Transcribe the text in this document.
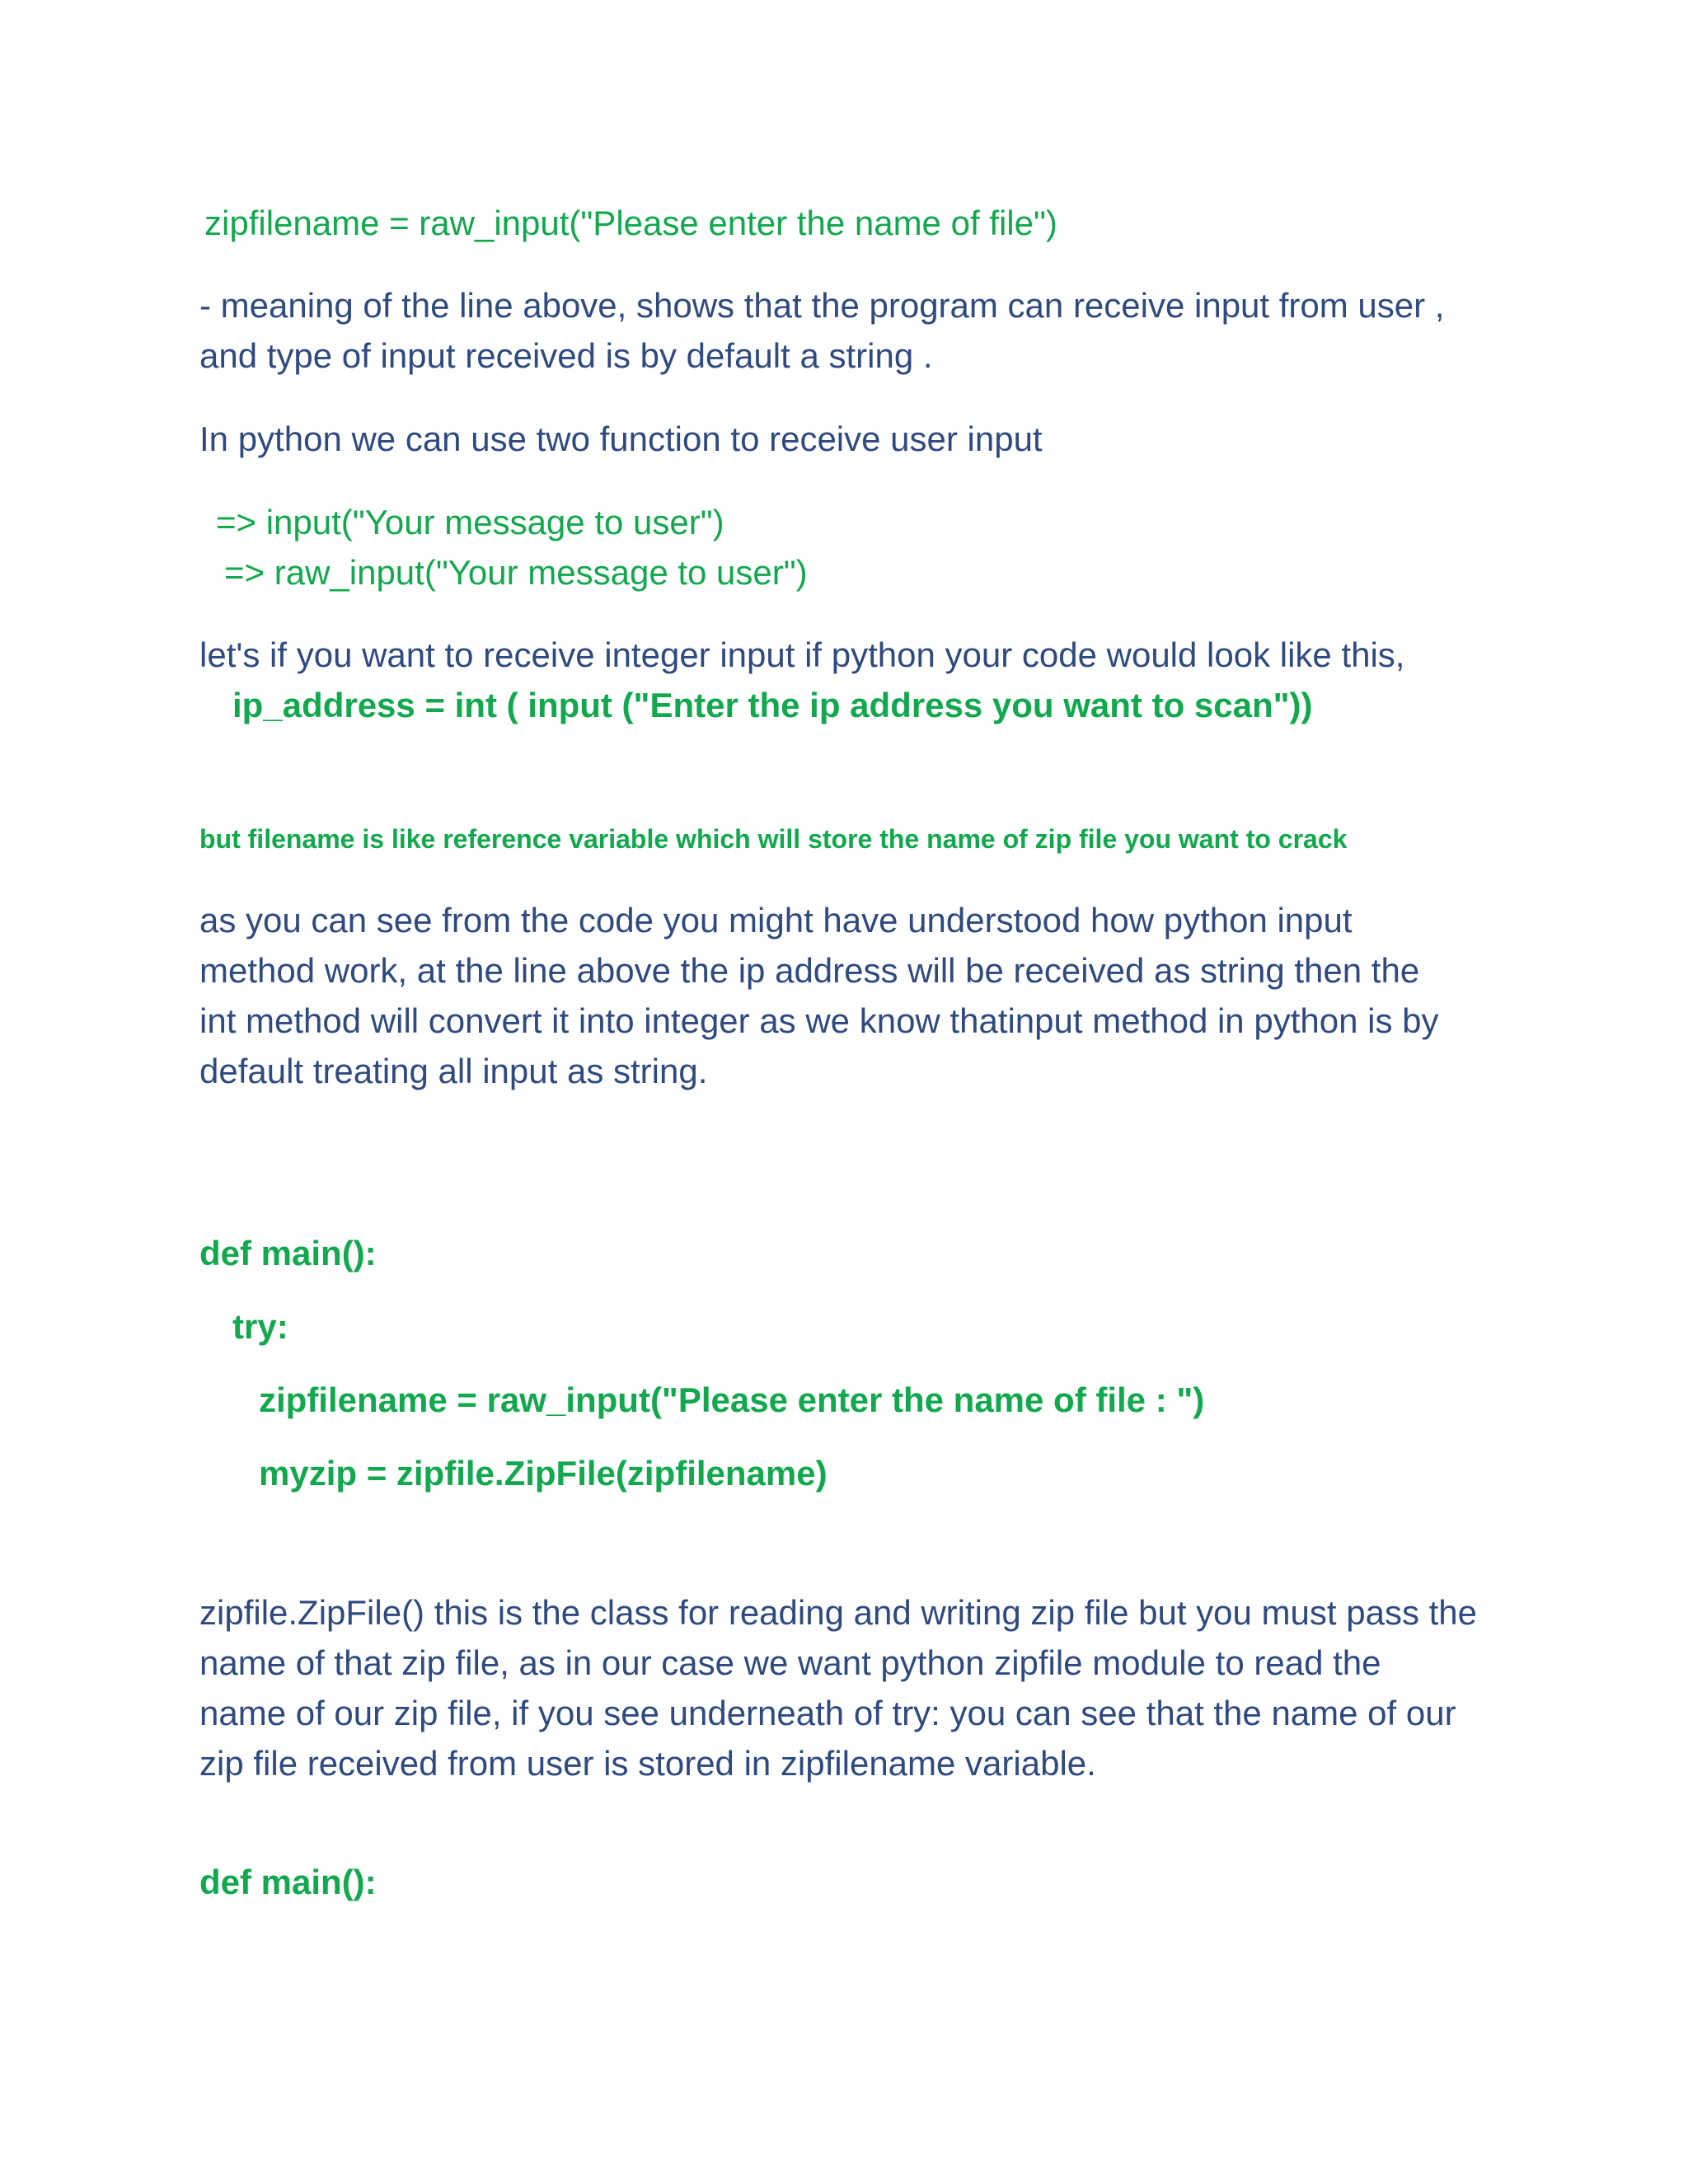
zipfilename = raw_input("Please enter the name of file")

- meaning of the line above, shows that the program can receive input from user ,

and type of input received is by default a string .

In python we can use two function to receive user input

=> input("Your message to user")

=> raw_input("Your message to user")

let's if you want to receive integer input if python your code would look like this,

ip_address = int ( input ("Enter the ip address you want to scan"))

but filename is like reference variable which will store the name of zip file you want to crack

as you can see from the code you might have understood how python input

method work, at the line above the ip address will be received as string then the

int method will convert it into integer as we know thatinput method in python is by

default treating all input as string.

def main():

try:

zipfilename = raw_input("Please enter the name of file : ")

myzip = zipfile.ZipFile(zipfilename)

zipfile.ZipFile() this is the class for reading and writing zip file but you must pass the

name of that zip file, as in our case we want python zipfile module to read the

name of our zip file, if you see underneath of try: you can see that the name of our

zip file received from user is stored in zipfilename variable.

def main():
